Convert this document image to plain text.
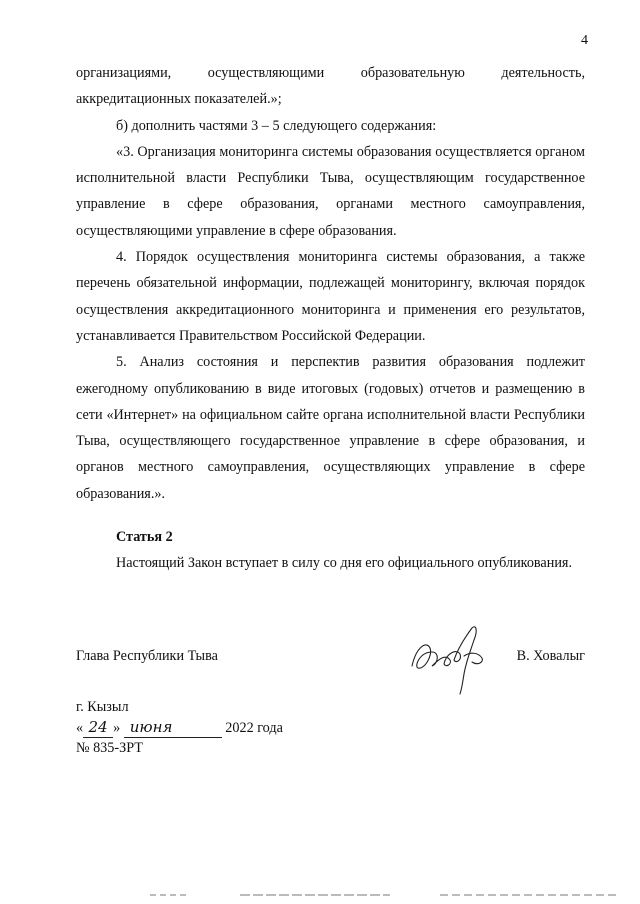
4

организациями, осуществляющими образовательную деятельность, аккредитационных показателей.»;

б) дополнить частями 3 – 5 следующего содержания:

«3. Организация мониторинга системы образования осуществляется органом исполнительной власти Республики Тыва, осуществляющим государственное управление в сфере образования, органами местного самоуправления, осуществляющими управление в сфере образования.

4. Порядок осуществления мониторинга системы образования, а также перечень обязательной информации, подлежащей мониторингу, включая порядок осуществления аккредитационного мониторинга и применения его результатов, устанавливается Правительством Российской Федерации.

5. Анализ состояния и перспектив развития образования подлежит ежегодному опубликованию в виде итоговых (годовых) отчетов и размещению в сети «Интернет» на официальном сайте органа исполнительной власти Республики Тыва, осуществляющего государственное управление в сфере образования, и органов местного самоуправления, осуществляющих управление в сфере образования.».

Статья 2

Настоящий Закон вступает в силу со дня его официального опубликования.

Глава Республики Тыва	В. Ховалыг
г. Кызыл
« 24 » июня	2022 года
№ 835-ЗРТ
